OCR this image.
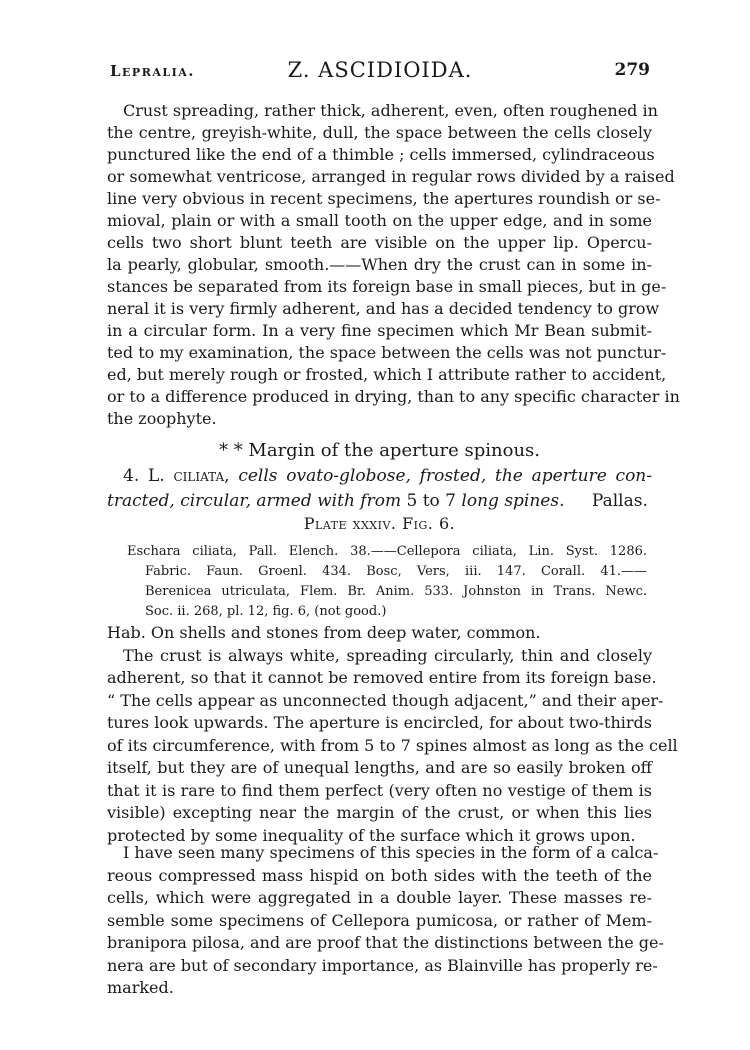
Lepralia.	Z. ASCIDIOIDA.	279
Crust spreading, rather thick, adherent, even, often roughened in
the centre, greyish-white, dull, the space between the cells closely
punctured like the end of a thimble ; cells immersed, cylindraceous
or somewhat ventricose, arranged in regular rows divided by a raised
line very obvious in recent specimens, the apertures roundish or se-
mioval, plain or with a small tooth on the upper edge, and in some
cells two short blunt teeth are visible on the upper lip. Opercu-
la pearly, globular, smooth.——When dry the crust can in some in-
stances be separated from its foreign base in small pieces, but in ge-
neral it is very firmly adherent, and has a decided tendency to grow
in a circular form. In a very fine specimen which Mr Bean submit-
ted to my examination, the space between the cells was not punctur-
ed, but merely rough or frosted, which I attribute rather to accident,
or to a difference produced in drying, than to any specific character in
the zoophyte.
* * Margin of the aperture spinous.
4. L. ciliata, cells ovato-globose, frosted, the aperture con-
tracted, circular, armed with from 5 to 7 long spines. Pallas.
Plate xxxiv. Fig. 6.
Eschara ciliata, Pall. Elench. 38.——Cellepora ciliata, Lin. Syst. 1286.
Fabric. Faun. Groenl. 434. Bosc, Vers, iii. 147. Corall. 41.——
Berenicea utriculata, Flem. Br. Anim. 533. Johnston in Trans. Newc.
Soc. ii. 268, pl. 12, fig. 6, (not good.)
Hab. On shells and stones from deep water, common.
The crust is always white, spreading circularly, thin and closely
adherent, so that it cannot be removed entire from its foreign base.
“ The cells appear as unconnected though adjacent,” and their aper-
tures look upwards. The aperture is encircled, for about two-thirds
of its circumference, with from 5 to 7 spines almost as long as the cell
itself, but they are of unequal lengths, and are so easily broken off
that it is rare to find them perfect (very often no vestige of them is
visible) excepting near the margin of the crust, or when this lies
protected by some inequality of the surface which it grows upon.
I have seen many specimens of this species in the form of a calca-
reous compressed mass hispid on both sides with the teeth of the
cells, which were aggregated in a double layer. These masses re-
semble some specimens of Cellepora pumicosa, or rather of Mem-
branipora pilosa, and are proof that the distinctions between the ge-
nera are but of secondary importance, as Blainville has properly re-
marked.
